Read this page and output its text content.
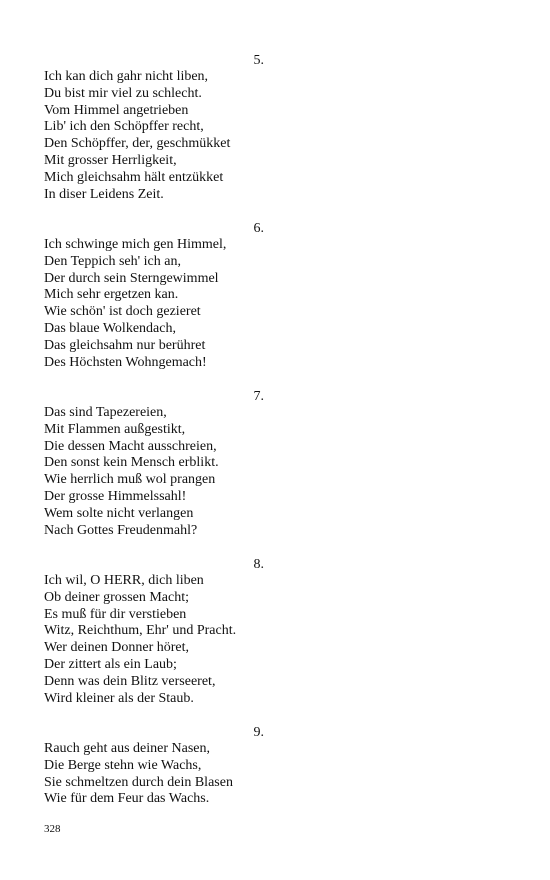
5.
Ich kan dich gahr nicht liben,
Du bist mir viel zu schlecht.
Vom Himmel angetrieben
Lib' ich den Schöpffer recht,
Den Schöpffer, der, geschmükket
Mit grosser Herrligkeit,
Mich gleichsahm hält entzükket
In diser Leidens Zeit.
6.
Ich schwinge mich gen Himmel,
Den Teppich seh' ich an,
Der durch sein Sterngewimmel
Mich sehr ergetzen kan.
Wie schön' ist doch gezieret
Das blaue Wolkendach,
Das gleichsahm nur berühret
Des Höchsten Wohngemach!
7.
Das sind Tapezereien,
Mit Flammen außgestikt,
Die dessen Macht ausschreien,
Den sonst kein Mensch erblikt.
Wie herrlich muß wol prangen
Der grosse Himmelssahl!
Wem solte nicht verlangen
Nach Gottes Freudenmahl?
8.
Ich wil, O HERR, dich liben
Ob deiner grossen Macht;
Es muß für dir verstieben
Witz, Reichthum, Ehr' und Pracht.
Wer deinen Donner höret,
Der zittert als ein Laub;
Denn was dein Blitz verseeret,
Wird kleiner als der Staub.
9.
Rauch geht aus deiner Nasen,
Die Berge stehn wie Wachs,
Sie schmeltzen durch dein Blasen
Wie für dem Feur das Wachs.
328
